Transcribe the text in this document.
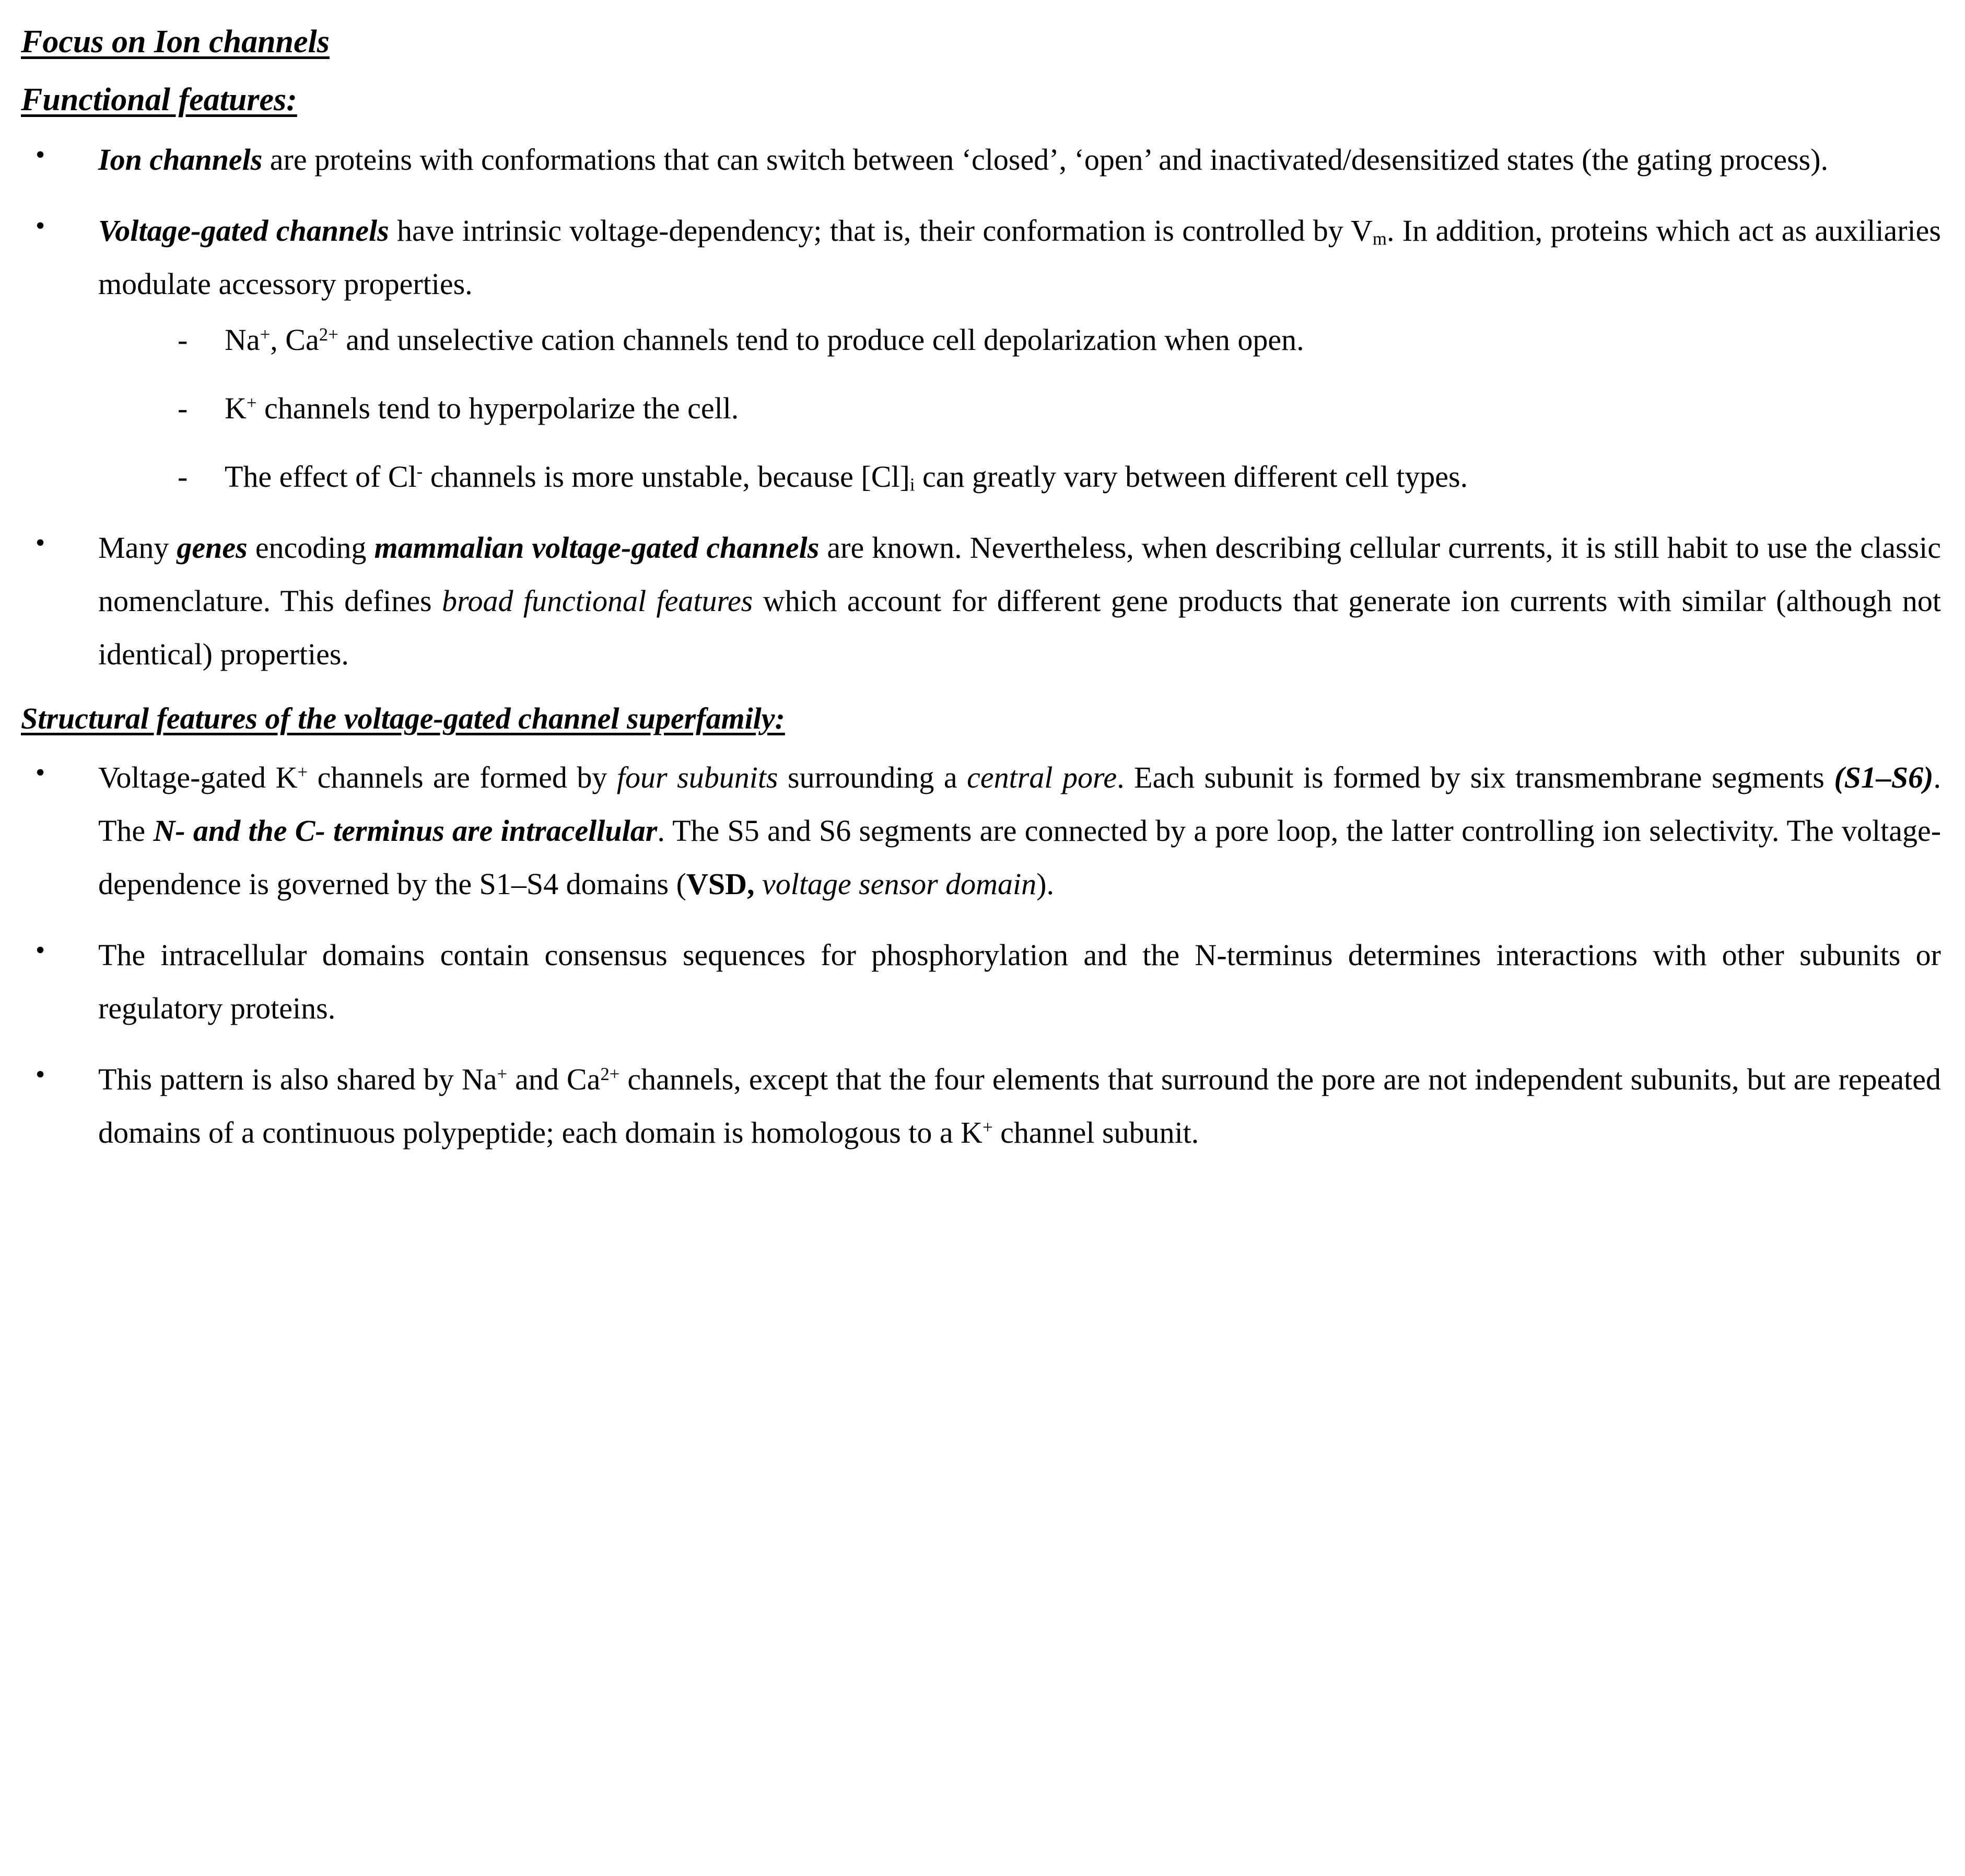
Focus on Ion channels
Functional features:
• Ion channels are proteins with conformations that can switch between ‘closed’, ‘open’ and inactivated/desensitized states (the gating process).
• Voltage-gated channels have intrinsic voltage-dependency; that is, their conformation is controlled by $V_m$. In addition, proteins which act as auxiliaries modulate accessory properties.
- Na+, $Ca^{2+}$ and unselective cation channels tend to produce cell depolarization when open.
- K+ channels tend to hyperpolarize the cell.
- The effect of Cl- channels is more unstable, because $[Cl]_i$ can greatly vary between different cell types.
• Many genes encoding mammalian voltage-gated channels are known. Nevertheless, when describing cellular currents, it is still habit to use the classic nomenclature. This defines broad functional features which account for different gene products that generate ion currents with similar (although not identical) properties.
Structural features of the voltage-gated channel superfamily:
• Voltage-gated K+ channels are formed by four subunits surrounding a central pore. Each subunit is formed by six transmembrane segments (S1–S6). The N- and the C- terminus are intracellular. The S5 and S6 segments are connected by a pore loop, the latter controlling ion selectivity. The voltage-dependence is governed by the S1–S4 domains (VSD, voltage sensor domain).
• The intracellular domains contain consensus sequences for phosphorylation and the N-terminus determines interactions with other subunits or regulatory proteins.
• This pattern is also shared by Na+ and $Ca^{2+}$ channels, except that the four elements that surround the pore are not independent subunits, but are repeated domains of a continuous polypeptide; each domain is homologous to a K+ channel subunit.
